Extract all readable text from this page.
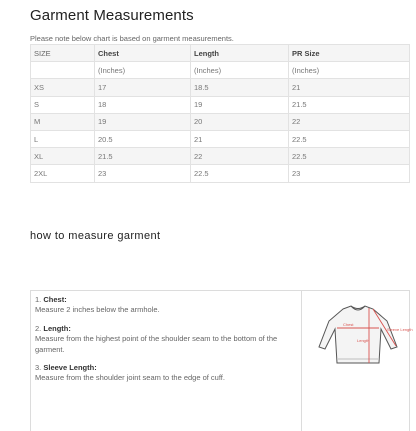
Garment Measurements
Please note below chart is based on garment measurements.
SIZE	Chest	Length	PR Size
	(Inches)	(Inches)	(Inches)
XS	17	18.5	21
S	18	19	21.5
M	19	20	22
L	20.5	21	22.5
XL	21.5	22	22.5
2XL	23	22.5	23
how to measure garment
1. Chest:
Measure 2 inches below the armhole.
2. Length:
Measure from the highest point of the shoulder seam to the bottom of the garment.
3. Sleeve Length:
Measure from the shoulder joint seam to the edge of cuff.
Chest
Length
Sleeve Length
